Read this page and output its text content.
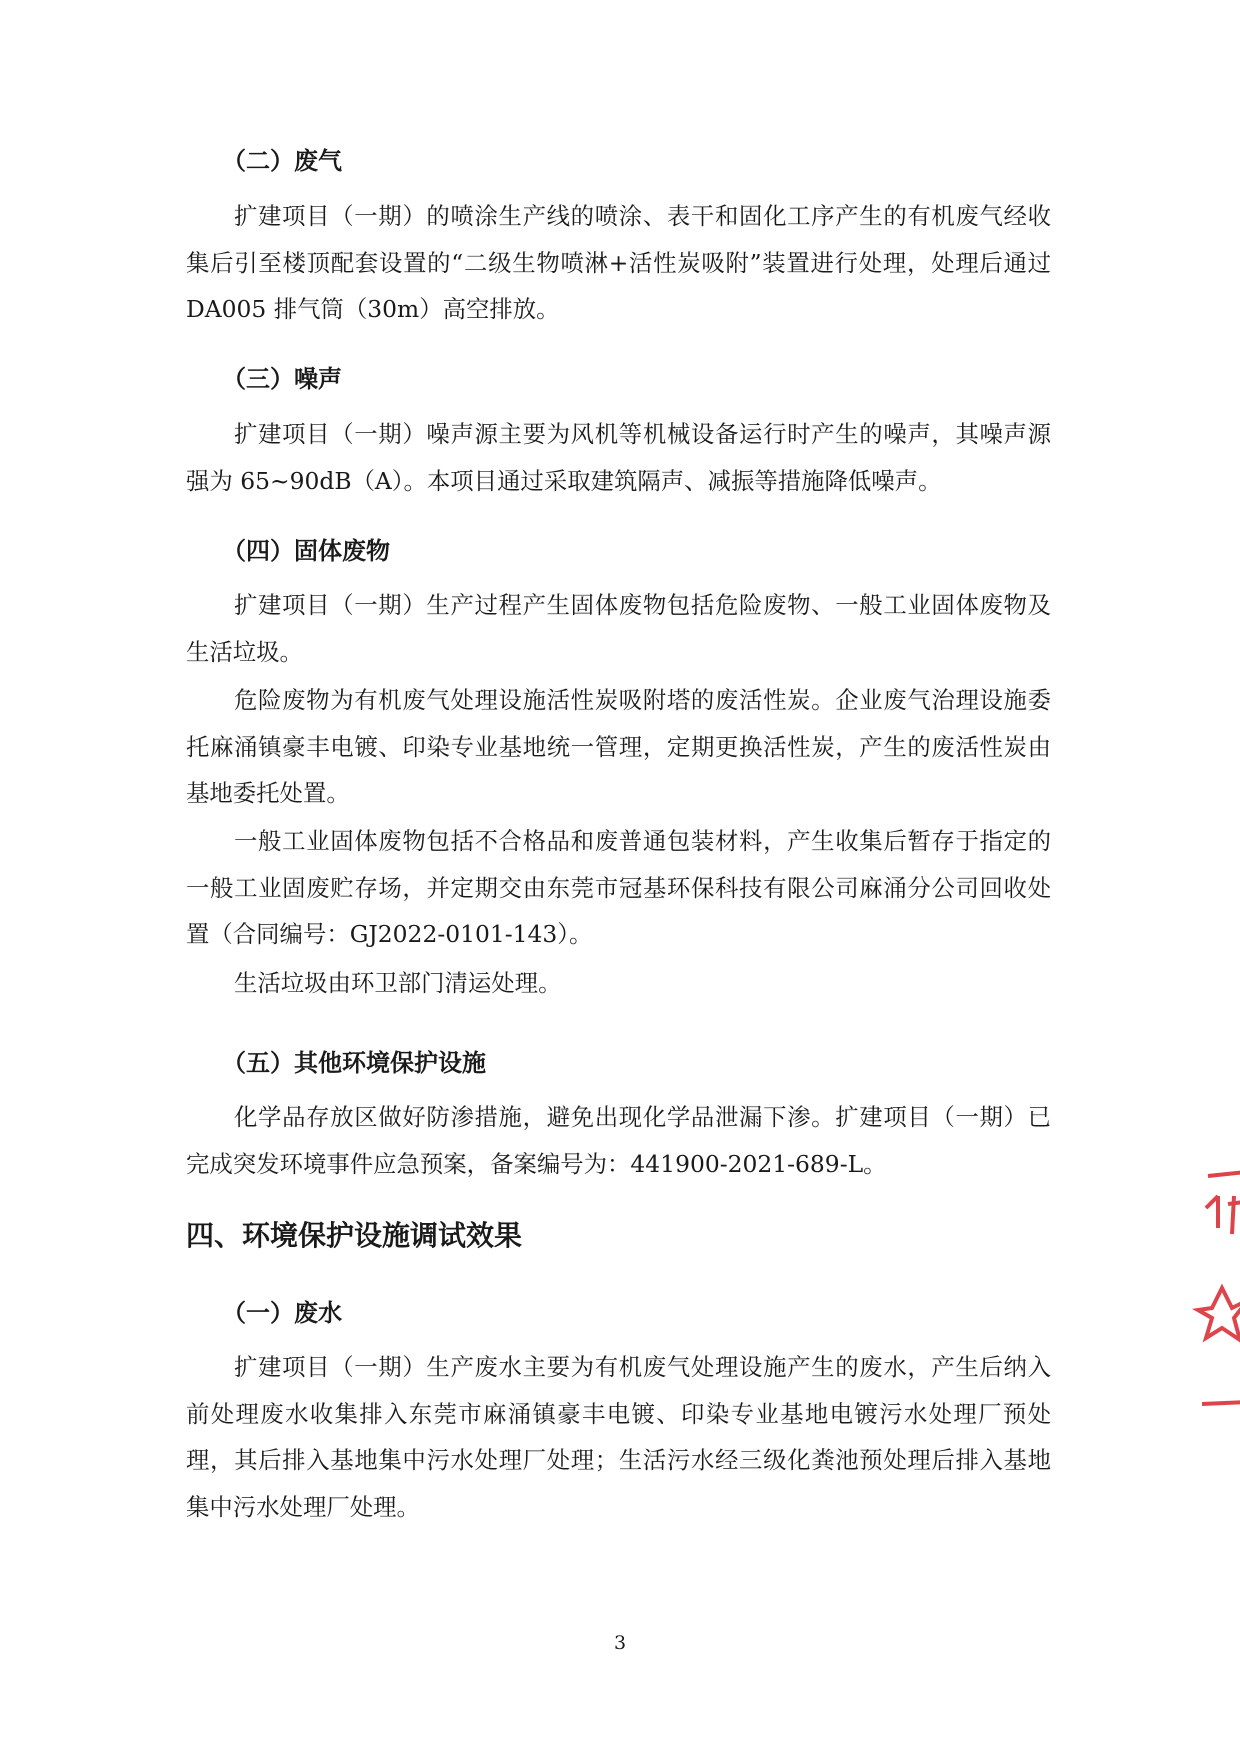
（二）废气

扩建项目（一期）的喷涂生产线的喷涂、表干和固化工序产生的有机废气经收集后引至楼顶配套设置的“二级生物喷淋+活性炭吸附”装置进行处理，处理后通过 DA005 排气筒（30m）高空排放。

（三）噪声

扩建项目（一期）噪声源主要为风机等机械设备运行时产生的噪声，其噪声源强为 65~90dB（A）。本项目通过采取建筑隔声、减振等措施降低噪声。

（四）固体废物

扩建项目（一期）生产过程产生固体废物包括危险废物、一般工业固体废物及生活垃圾。

危险废物为有机废气处理设施活性炭吸附塔的废活性炭。企业废气治理设施委托麻涌镇豪丰电镀、印染专业基地统一管理，定期更换活性炭，产生的废活性炭由基地委托处置。

一般工业固体废物包括不合格品和废普通包装材料，产生收集后暂存于指定的一般工业固废贮存场，并定期交由东莞市冠基环保科技有限公司麻涌分公司回收处置（合同编号：GJ2022-0101-143）。

生活垃圾由环卫部门清运处理。

（五）其他环境保护设施

化学品存放区做好防渗措施，避免出现化学品泄漏下渗。扩建项目（一期）已完成突发环境事件应急预案，备案编号为：441900-2021-689-L。

四、环境保护设施调试效果
（一）废水

扩建项目（一期）生产废水主要为有机废气处理设施产生的废水，产生后纳入前处理废水收集排入东莞市麻涌镇豪丰电镀、印染专业基地电镀污水处理厂预处理，其后排入基地集中污水处理厂处理；生活污水经三级化粪池预处理后排入基地集中污水处理厂处理。

3
